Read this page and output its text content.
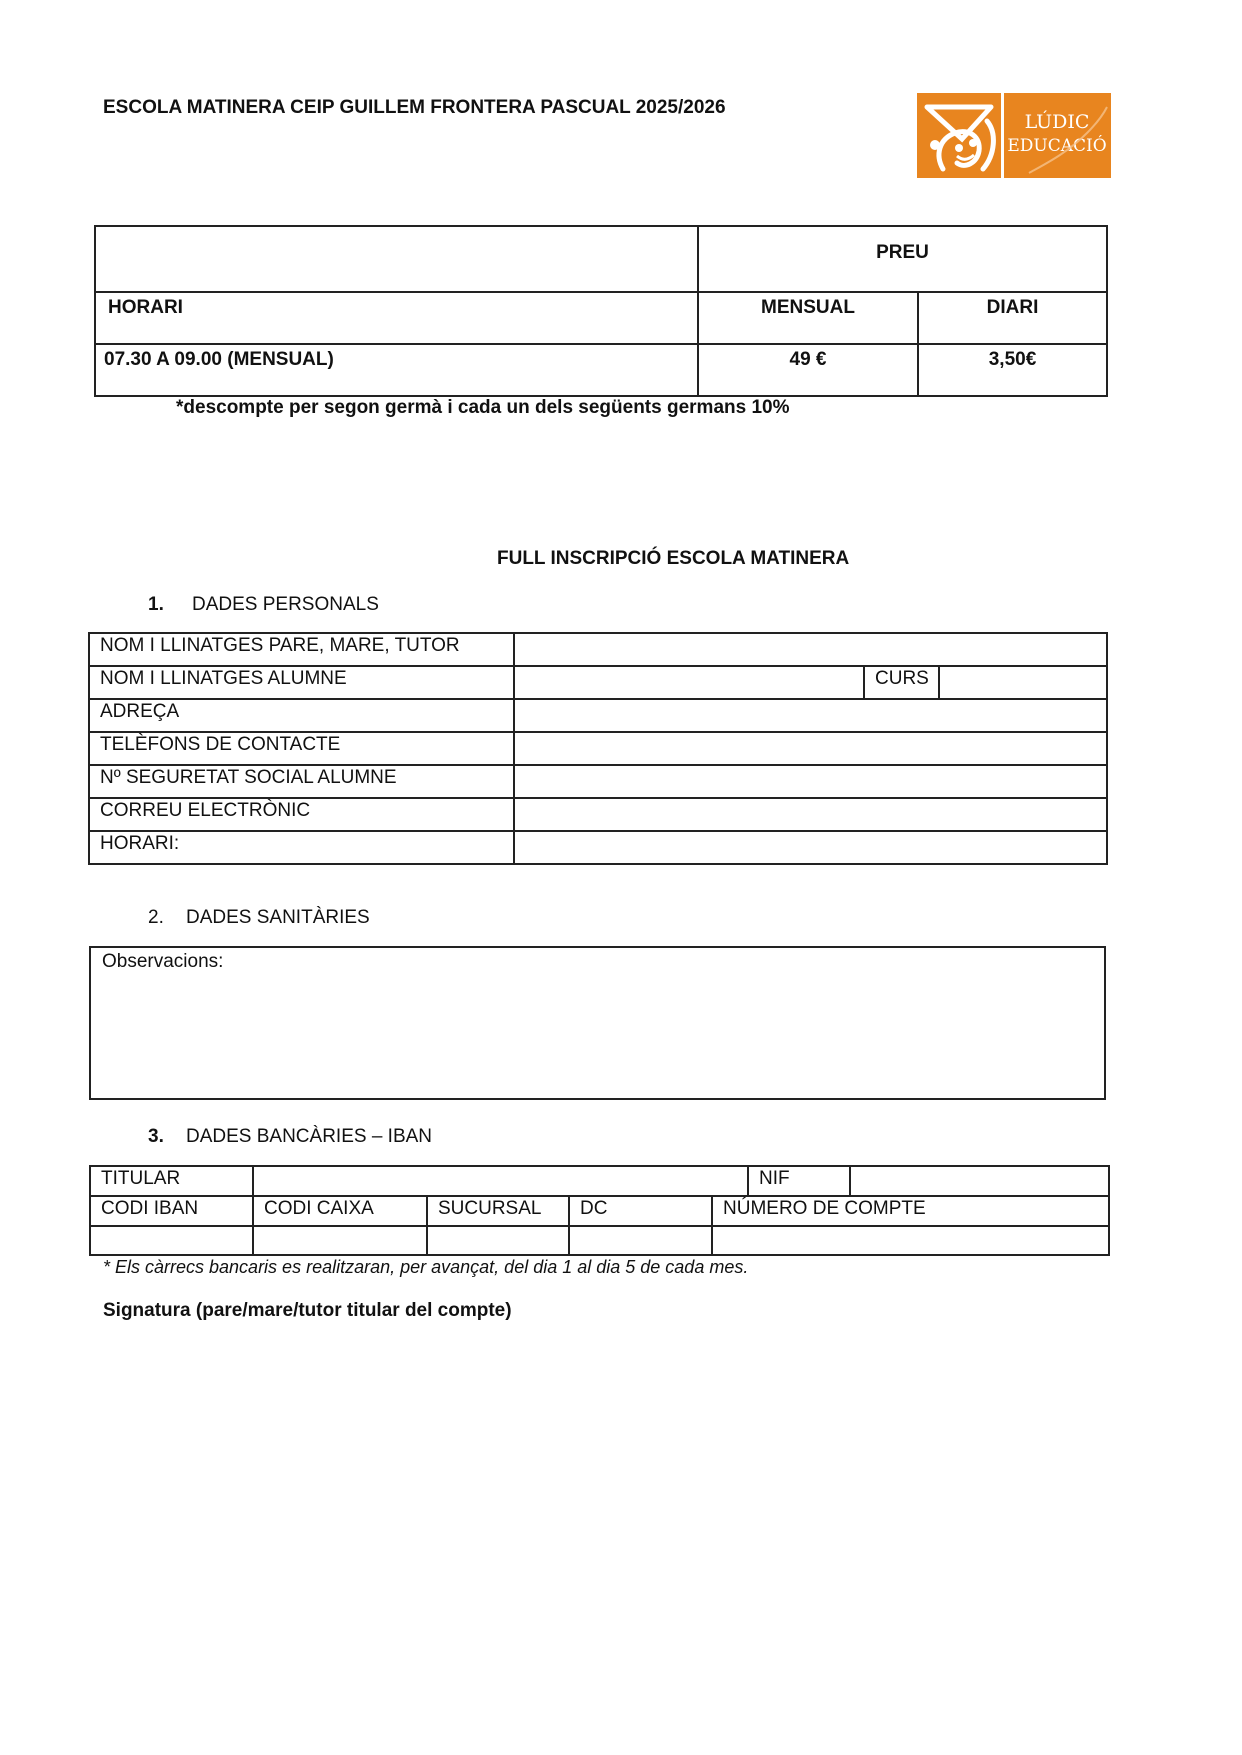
ESCOLA MATINERA CEIP GUILLEM FRONTERA PASCUAL 2025/2026
LÚDIC
EDUCACIÓ
	PREU	
HORARI	MENSUAL	DIARI
07.30 A 09.00 (MENSUAL)	49 €	3,50€
*descompte per segon germà i cada un dels següents germans 10%
FULL INSCRIPCIÓ ESCOLA MATINERA
1. DADES PERSONALS
NOM I LLINATGES PARE, MARE, TUTOR			
NOM I LLINATGES ALUMNE		CURS	
ADREÇA			
TELÈFONS DE CONTACTE			
Nº SEGURETAT SOCIAL ALUMNE			
CORREU ELECTRÒNIC			
HORARI:			
2. DADES SANITÀRIES
Observacions:
3. DADES BANCÀRIES – IBAN
TITULAR					NIF	
CODI IBAN	CODI CAIXA	SUCURSAL	DC	NÚMERO DE COMPTE		

* Els càrrecs bancaris es realitzaran, per avançat, del dia 1 al dia 5 de cada mes.
Signatura (pare/mare/tutor titular del compte)
